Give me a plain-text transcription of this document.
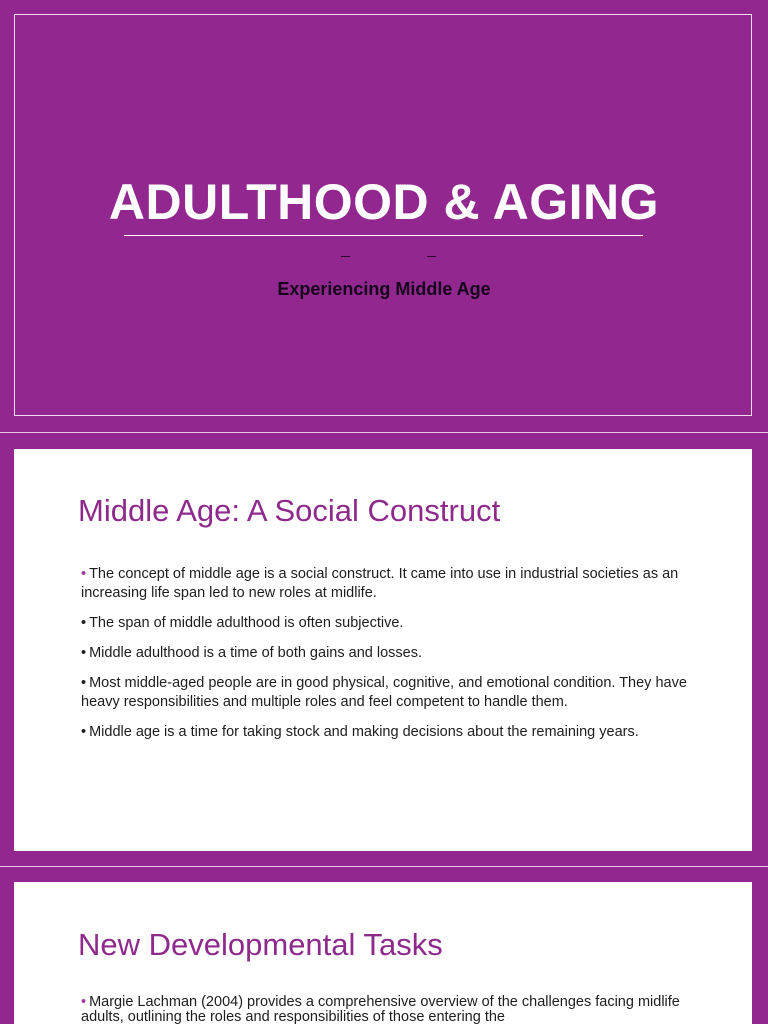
ADULTHOOD & AGING
Experiencing Middle Age
Middle Age: A Social Construct
• The concept of middle age is a social construct. It came into use in industrial societies as an increasing life span led to new roles at midlife.
• The span of middle adulthood is often subjective.
• Middle adulthood is a time of both gains and losses.
• Most middle-aged people are in good physical, cognitive, and emotional condition. They have heavy responsibilities and multiple roles and feel competent to handle them.
• Middle age is a time for taking stock and making decisions about the remaining years.
New Developmental Tasks
• Margie Lachman (2004) provides a comprehensive overview of the challenges facing midlife adults, outlining the roles and responsibilities of those entering the
